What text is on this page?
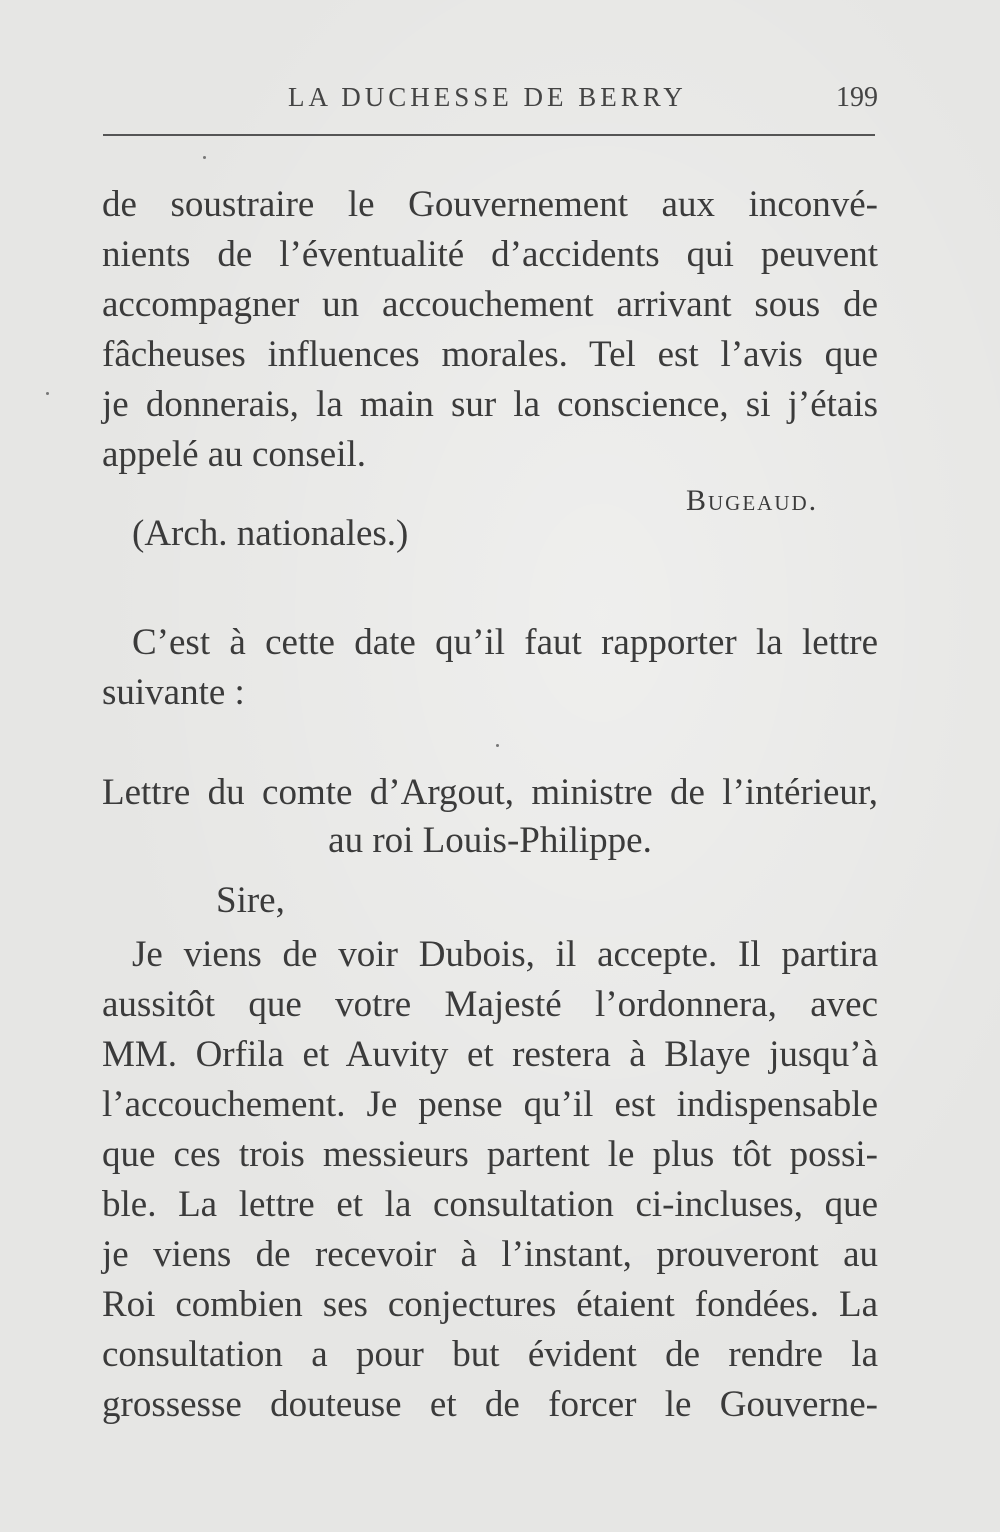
LA DUCHESSE DE BERRY	199
de soustraire le Gouvernement aux inconvé-
nients de l’éventualité d’accidents qui peuvent
accompagner un accouchement arrivant sous de
fâcheuses influences morales. Tel est l’avis que
je donnerais, la main sur la conscience, si j’étais
appelé au conseil.
Bugeaud.
(Arch. nationales.)
C’est à cette date qu’il faut rapporter la lettre
suivante :
Lettre du comte d’Argout, ministre de l’intérieur,
au roi Louis-Philippe.
Sire,
Je viens de voir Dubois, il accepte. Il partira
aussitôt que votre Majesté l’ordonnera, avec
MM. Orfila et Auvity et restera à Blaye jusqu’à
l’accouchement. Je pense qu’il est indispensable
que ces trois messieurs partent le plus tôt possi-
ble. La lettre et la consultation ci-incluses, que
je viens de recevoir à l’instant, prouveront au
Roi combien ses conjectures étaient fondées. La
consultation a pour but évident de rendre la
grossesse douteuse et de forcer le Gouverne-
